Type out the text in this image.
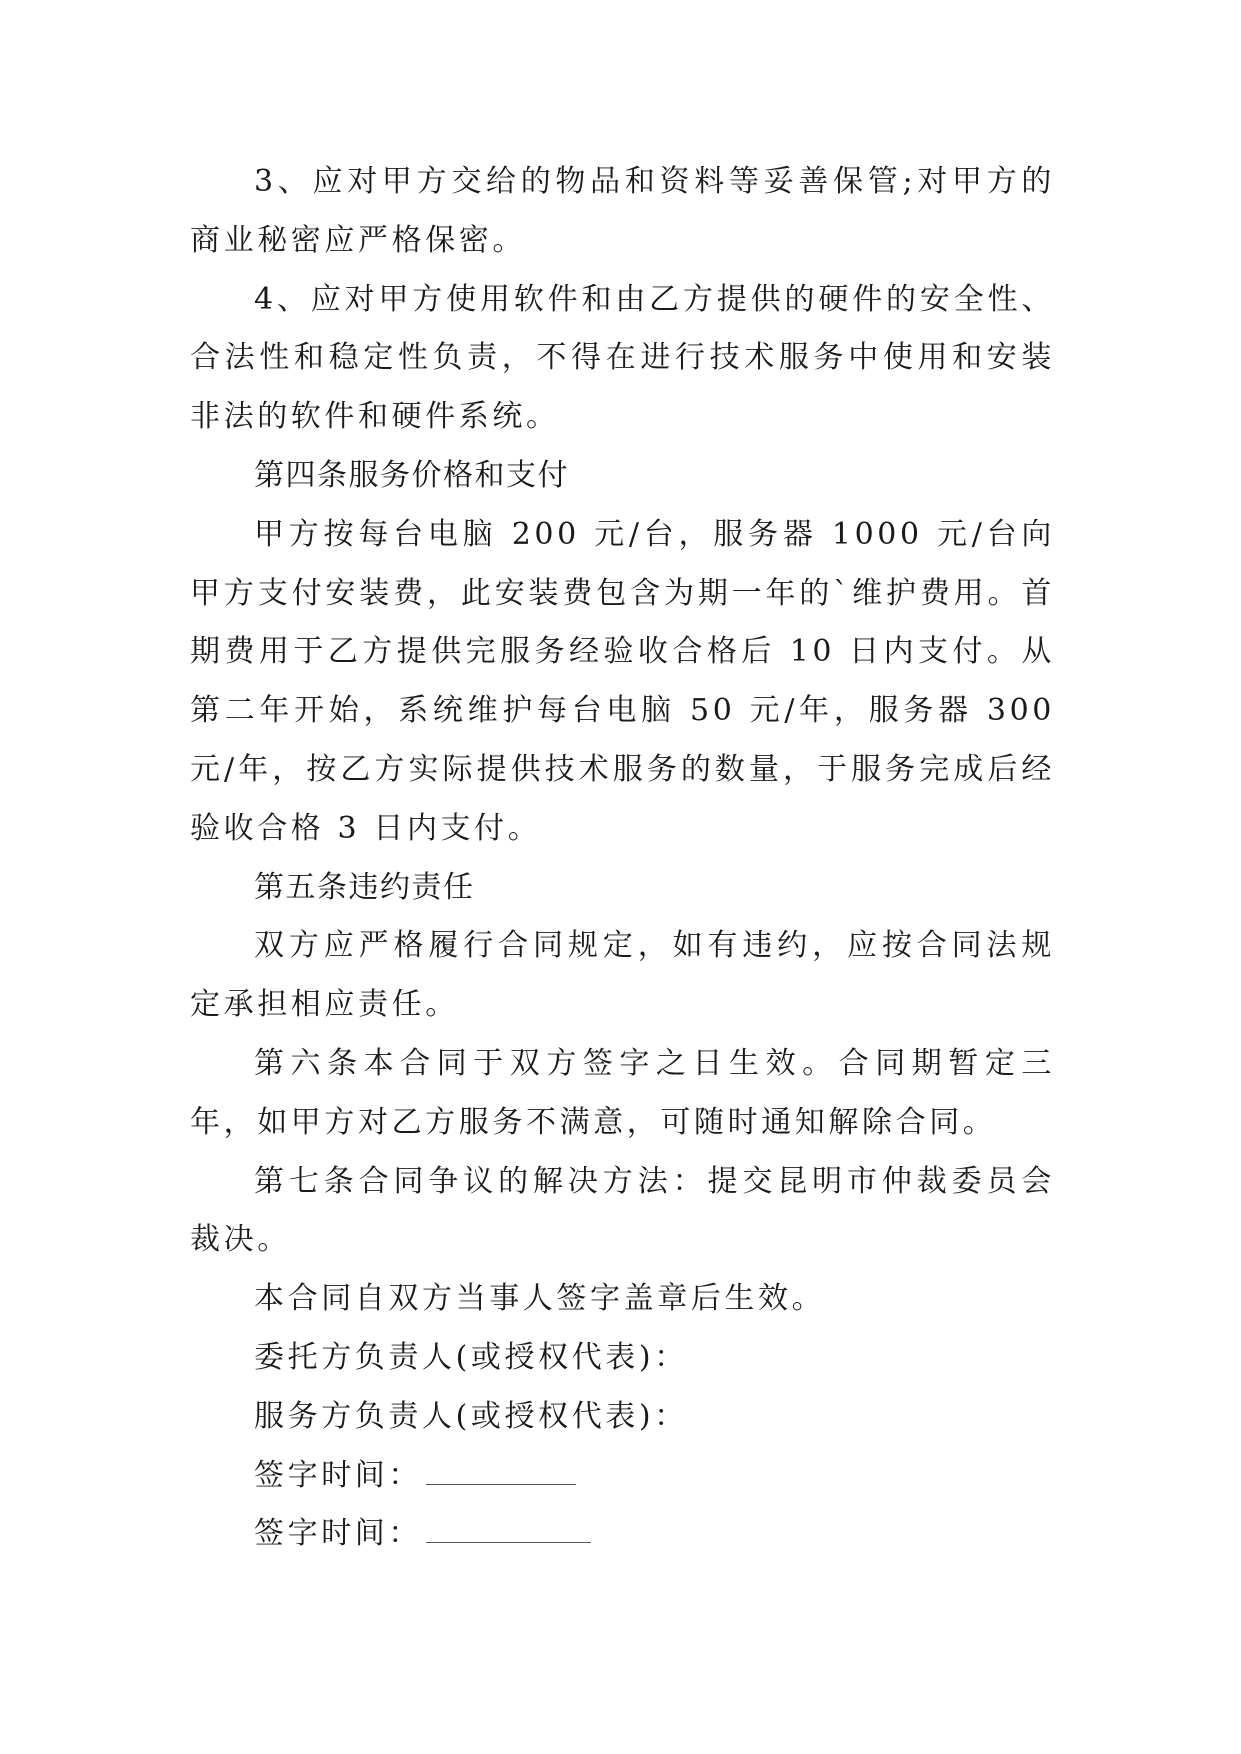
3、应对甲方交给的物品和资料等妥善保管;对甲方的商业秘密应严格保密。

4、应对甲方使用软件和由乙方提供的硬件的安全性、合法性和稳定性负责，不得在进行技术服务中使用和安装非法的软件和硬件系统。

第四条服务价格和支付

甲方按每台电脑 200 元/台，服务器 1000 元/台向甲方支付安装费，此安装费包含为期一年的`维护费用。首期费用于乙方提供完服务经验收合格后 10 日内支付。从第二年开始，系统维护每台电脑 50 元/年，服务器 300 元/年，按乙方实际提供技术服务的数量，于服务完成后经验收合格 3 日内支付。

第五条违约责任

双方应严格履行合同规定，如有违约，应按合同法规定承担相应责任。

第六条本合同于双方签字之日生效。合同期暂定三年，如甲方对乙方服务不满意，可随时通知解除合同。

第七条合同争议的解决方法：提交昆明市仲裁委员会裁决。

本合同自双方当事人签字盖章后生效。

委托方负责人(或授权代表)：

服务方负责人(或授权代表)：

签字时间：

签字时间：
